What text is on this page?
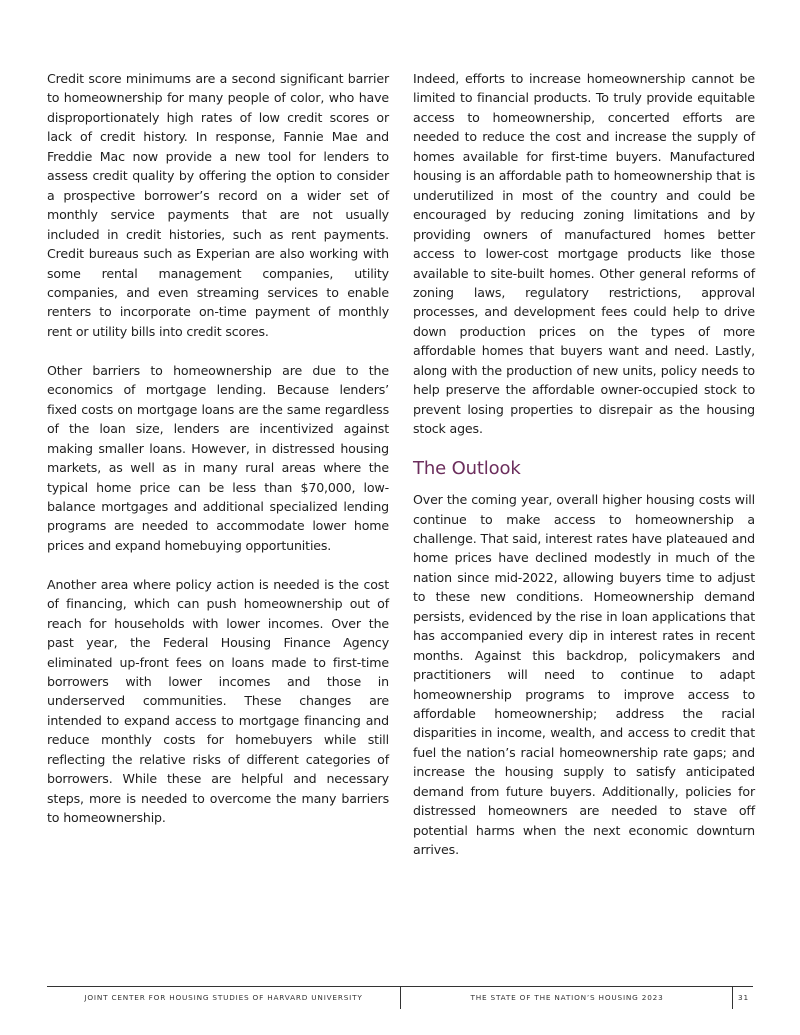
Credit score minimums are a second significant barrier to homeownership for many people of color, who have disproportionately high rates of low credit scores or lack of credit history. In response, Fannie Mae and Freddie Mac now provide a new tool for lenders to assess credit quality by offering the option to consider a prospective borrower’s record on a wider set of monthly service payments that are not usually included in credit histories, such as rent payments. Credit bureaus such as Experian are also working with some rental management companies, utility companies, and even streaming services to enable renters to incorporate on-time payment of monthly rent or utility bills into credit scores.

Other barriers to homeownership are due to the economics of mortgage lending. Because lenders’ fixed costs on mortgage loans are the same regardless of the loan size, lenders are incentivized against making smaller loans. However, in distressed housing markets, as well as in many rural areas where the typical home price can be less than $70,000, low-balance mortgages and additional specialized lending programs are needed to accommodate lower home prices and expand homebuying opportunities.

Another area where policy action is needed is the cost of financing, which can push homeownership out of reach for households with lower incomes. Over the past year, the Federal Housing Finance Agency eliminated up-front fees on loans made to first-time borrowers with lower incomes and those in underserved communities. These changes are intended to expand access to mortgage financing and reduce monthly costs for homebuyers while still reflecting the relative risks of different categories of borrowers. While these are helpful and necessary steps, more is needed to overcome the many barriers to homeownership.

Indeed, efforts to increase homeownership cannot be limited to financial products. To truly provide equitable access to homeownership, concerted efforts are needed to reduce the cost and increase the supply of homes available for first-time buyers. Manufactured housing is an affordable path to homeownership that is underutilized in most of the country and could be encouraged by reducing zoning limitations and by providing owners of manufactured homes better access to lower-cost mortgage products like those available to site-built homes. Other general reforms of zoning laws, regulatory restrictions, approval processes, and development fees could help to drive down production prices on the types of more affordable homes that buyers want and need. Lastly, along with the production of new units, policy needs to help preserve the affordable owner-occupied stock to prevent losing properties to disrepair as the housing stock ages.

The Outlook

Over the coming year, overall higher housing costs will continue to make access to homeownership a challenge. That said, interest rates have plateaued and home prices have declined modestly in much of the nation since mid-2022, allowing buyers time to adjust to these new conditions. Homeownership demand persists, evidenced by the rise in loan applications that has accompanied every dip in interest rates in recent months. Against this backdrop, policymakers and practitioners will need to continue to adapt homeownership programs to improve access to affordable homeownership; address the racial disparities in income, wealth, and access to credit that fuel the nation’s racial homeownership rate gaps; and increase the housing supply to satisfy anticipated demand from future buyers. Additionally, policies for distressed homeowners are needed to stave off potential harms when the next economic downturn arrives.

JOINT CENTER FOR HOUSING STUDIES OF HARVARD UNIVERSITY	THE STATE OF THE NATION’S HOUSING 2023	31
